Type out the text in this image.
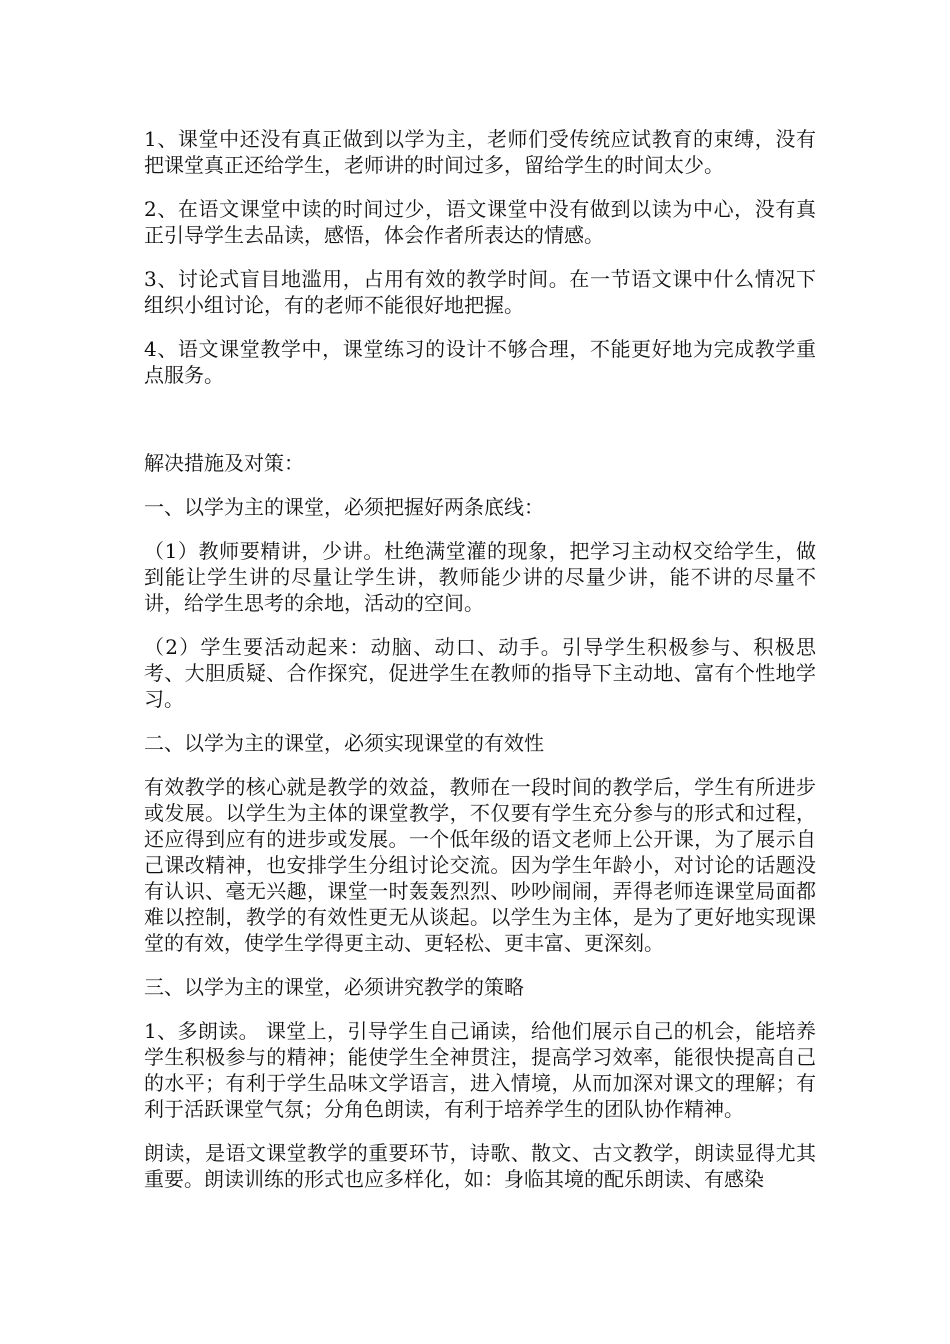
1、课堂中还没有真正做到以学为主，老师们受传统应试教育的束缚，没有把课堂真正还给学生，老师讲的时间过多，留给学生的时间太少。

2、在语文课堂中读的时间过少，语文课堂中没有做到以读为中心，没有真正引导学生去品读，感悟，体会作者所表达的情感。

3、讨论式盲目地滥用，占用有效的教学时间。在一节语文课中什么情况下组织小组讨论，有的老师不能很好地把握。

4、语文课堂教学中，课堂练习的设计不够合理，不能更好地为完成教学重点服务。

解决措施及对策：

一、以学为主的课堂，必须把握好两条底线：

（1）教师要精讲，少讲。杜绝满堂灌的现象，把学习主动权交给学生，做到能让学生讲的尽量让学生讲，教师能少讲的尽量少讲，能不讲的尽量不讲，给学生思考的余地，活动的空间。

（2）学生要活动起来：动脑、动口、动手。引导学生积极参与、积极思考、大胆质疑、合作探究，促进学生在教师的指导下主动地、富有个性地学习。

二、以学为主的课堂，必须实现课堂的有效性

有效教学的核心就是教学的效益，教师在一段时间的教学后，学生有所进步或发展。以学生为主体的课堂教学，不仅要有学生充分参与的形式和过程，还应得到应有的进步或发展。一个低年级的语文老师上公开课，为了展示自己课改精神，也安排学生分组讨论交流。因为学生年龄小，对讨论的话题没有认识、毫无兴趣，课堂一时轰轰烈烈、吵吵闹闹，弄得老师连课堂局面都难以控制，教学的有效性更无从谈起。以学生为主体，是为了更好地实现课堂的有效，使学生学得更主动、更轻松、更丰富、更深刻。

三、以学为主的课堂，必须讲究教学的策略

1、多朗读。 课堂上，引导学生自己诵读，给他们展示自己的机会，能培养学生积极参与的精神；能使学生全神贯注，提高学习效率，能很快提高自己的水平；有利于学生品味文学语言，进入情境，从而加深对课文的理解；有利于活跃课堂气氛；分角色朗读，有利于培养学生的团队协作精神。

朗读，是语文课堂教学的重要环节，诗歌、散文、古文教学，朗读显得尤其重要。朗读训练的形式也应多样化，如：身临其境的配乐朗读、有感染
